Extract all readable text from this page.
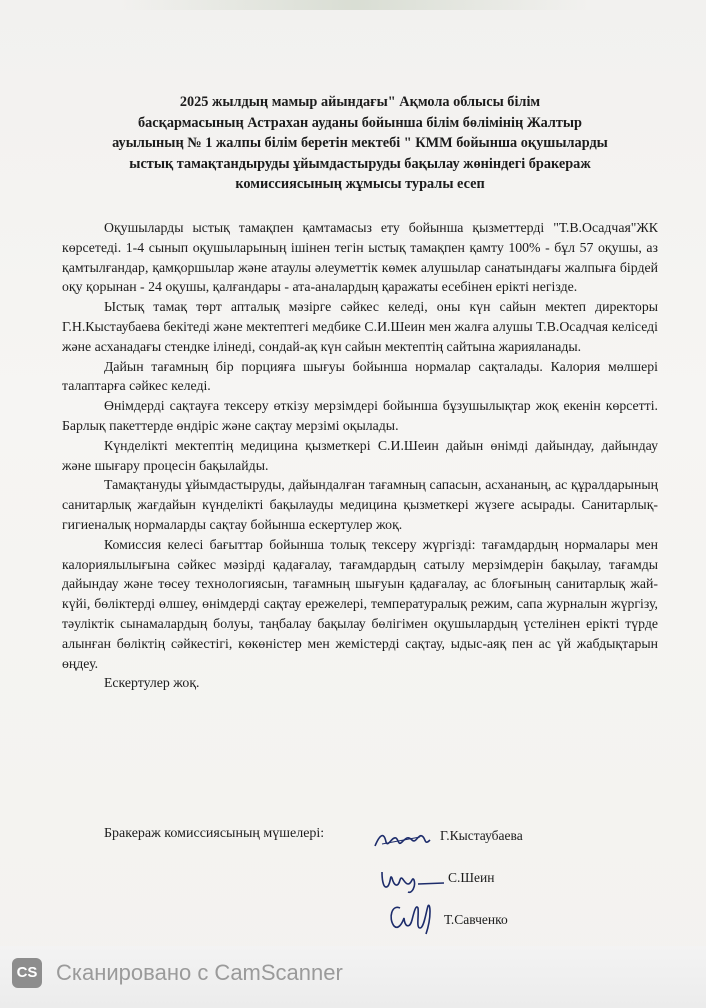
2025 жылдың мамыр айындағы" Ақмола облысы білім
басқармасының Астрахан ауданы бойынша білім бөлімінің Жалтыр
ауылының № 1 жалпы білім беретін мектебі " КММ бойынша оқушыларды
ыстық тамақтандыруды ұйымдастыруды бақылау жөніндегі бракераж
комиссиясының жұмысы туралы есеп

Оқушыларды ыстық тамақпен қамтамасыз ету бойынша қызметтерді "Т.В.Осадчая"ЖК көрсетеді. 1-4 сынып оқушыларының ішінен тегін ыстық тамақпен қамту 100% - бұл 57 оқушы, аз қамтылғандар, қамқоршылар және атаулы әлеуметтік көмек алушылар санатындағы жалпыға бірдей оқу қорынан - 24 оқушы, қалғандары - ата-аналардың қаражаты есебінен ерікті негізде.

Ыстық тамақ төрт апталық мәзірге сәйкес келеді, оны күн сайын мектеп директоры Г.Н.Кыстаубаева бекітеді және мектептегі медбике С.И.Шеин мен жалға алушы Т.В.Осадчая келіседі және асханадағы стендке ілінеді, сондай-ақ күн сайын мектептің сайтына жарияланады.

Дайын тағамның бір порцияға шығуы бойынша нормалар сақталады. Калория мөлшері талаптарға сәйкес келеді.

Өнімдерді сақтауға тексеру өткізу мерзімдері бойынша бұзушылықтар жоқ екенін көрсетті. Барлық пакеттерде өндіріс және сақтау мерзімі оқылады.

Күнделікті мектептің медицина қызметкері С.И.Шеин дайын өнімді дайындау, дайындау және шығару процесін бақылайды.

Тамақтануды ұйымдастыруды, дайындалған тағамның сапасын, асхананың, ас құралдарының санитарлық жағдайын күнделікті бақылауды медицина қызметкері жүзеге асырады. Санитарлық-гигиеналық нормаларды сақтау бойынша ескертулер жоқ.

Комиссия келесі бағыттар бойынша толық тексеру жүргізді: тағамдардың нормалары мен калориялылығына сәйкес мәзірді қадағалау, тағамдардың сатылу мерзімдерін бақылау, тағамды дайындау және төсеу технологиясын, тағамның шығуын қадағалау, ас блоғының санитарлық жай-күйі, бөліктерді өлшеу, өнімдерді сақтау ережелері, температуралық режим, сапа журналын жүргізу, тәуліктік сынамалардың болуы, таңбалау бақылау бөлігімен оқушылардың үстелінен ерікті түрде алынған бөліктің сәйкестігі, көкөністер мен жемістерді сақтау, ыдыс-аяқ пен ас үй жабдықтарын өңдеу.

Ескертулер жоқ.

Бракераж комиссиясының мүшелері:	Г.Кыстаубаева
С.Шеин
Т.Савченко
CS Сканировано с CamScanner
